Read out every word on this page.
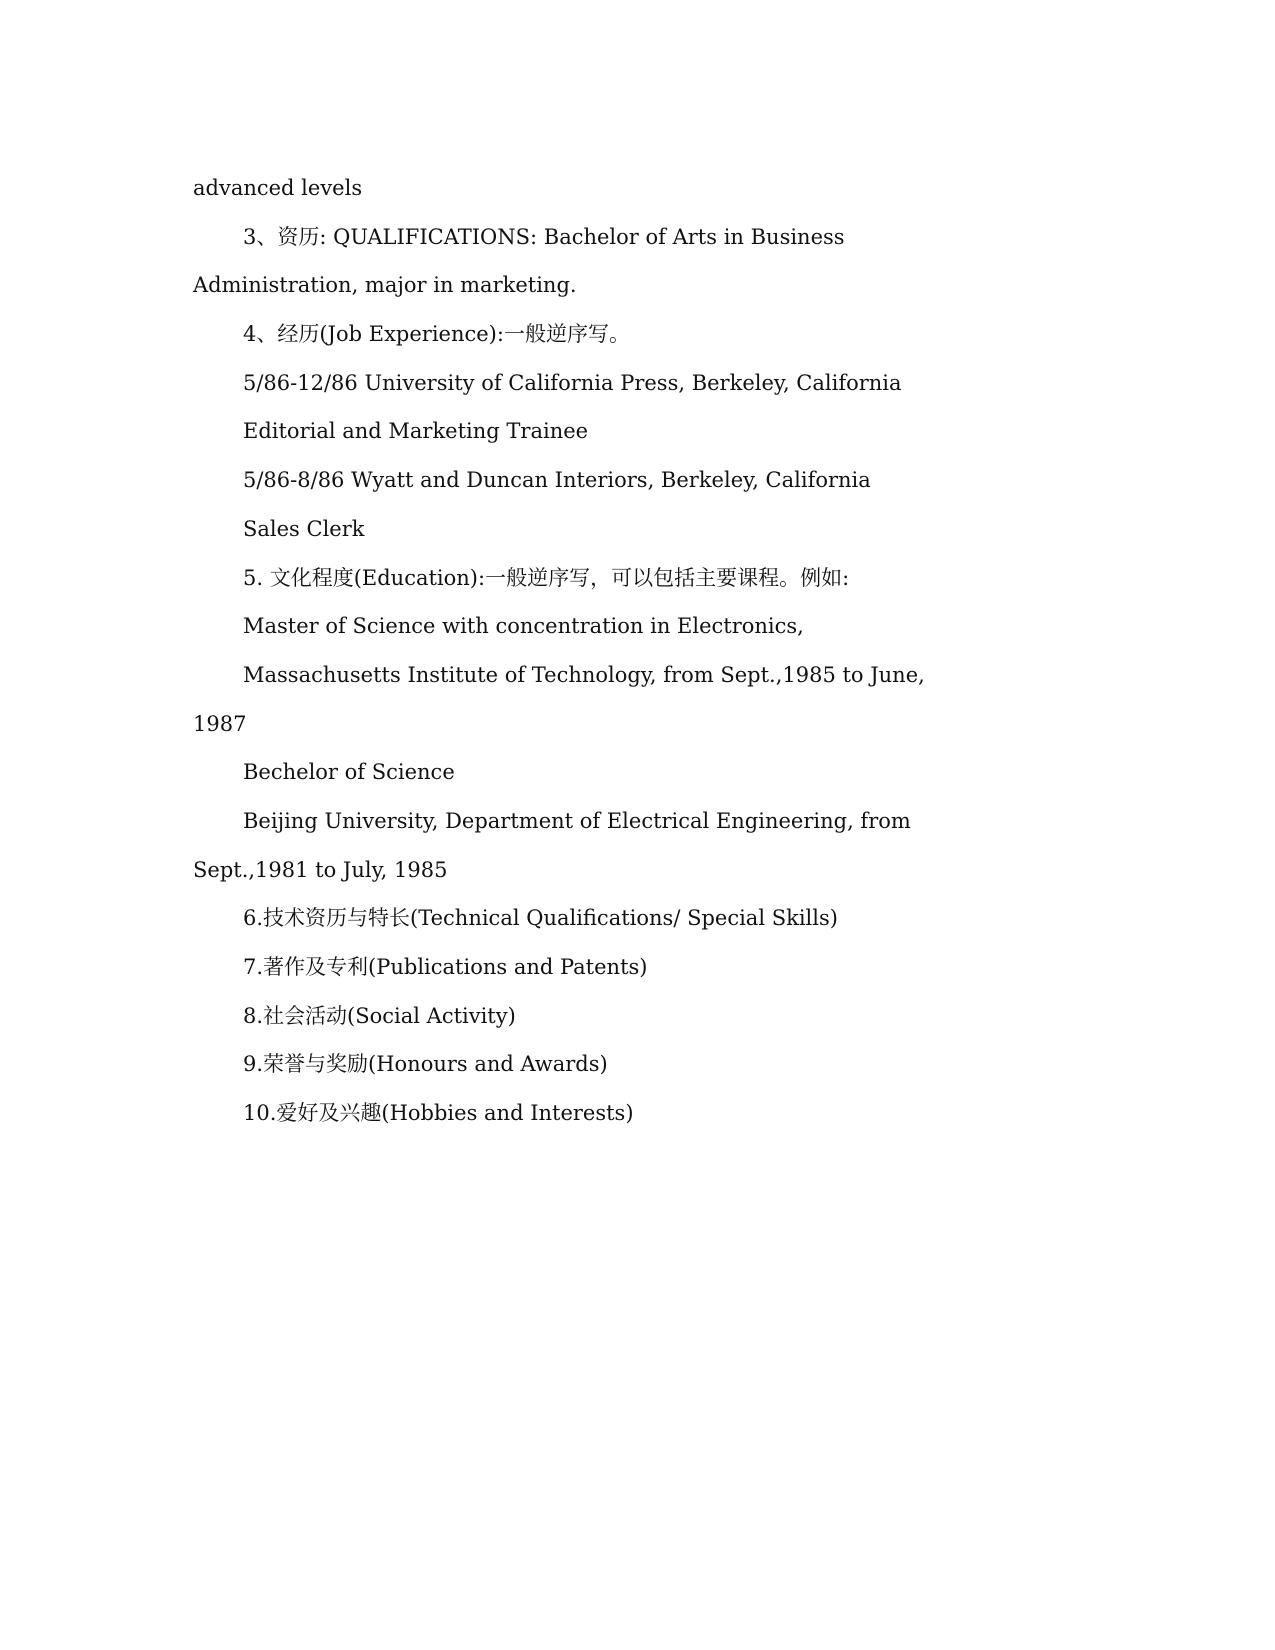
advanced levels
3、资历: QUALIFICATIONS: Bachelor of Arts in Business
Administration, major in marketing.
4、经历(Job Experience):一般逆序写。
5/86-12/86 University of California Press, Berkeley, California
Editorial and Marketing Trainee
5/86-8/86 Wyatt and Duncan Interiors, Berkeley, California
Sales Clerk
5. 文化程度(Education):一般逆序写，可以包括主要课程。例如:
Master of Science with concentration in Electronics,
Massachusetts Institute of Technology, from Sept.,1985 to June,
1987
Bechelor of Science
Beijing University, Department of Electrical Engineering, from
Sept.,1981 to July, 1985
6.技术资历与特长(Technical Qualifications/ Special Skills)
7.著作及专利(Publications and Patents)
8.社会活动(Social Activity)
9.荣誉与奖励(Honours and Awards)
10.爱好及兴趣(Hobbies and Interests)
